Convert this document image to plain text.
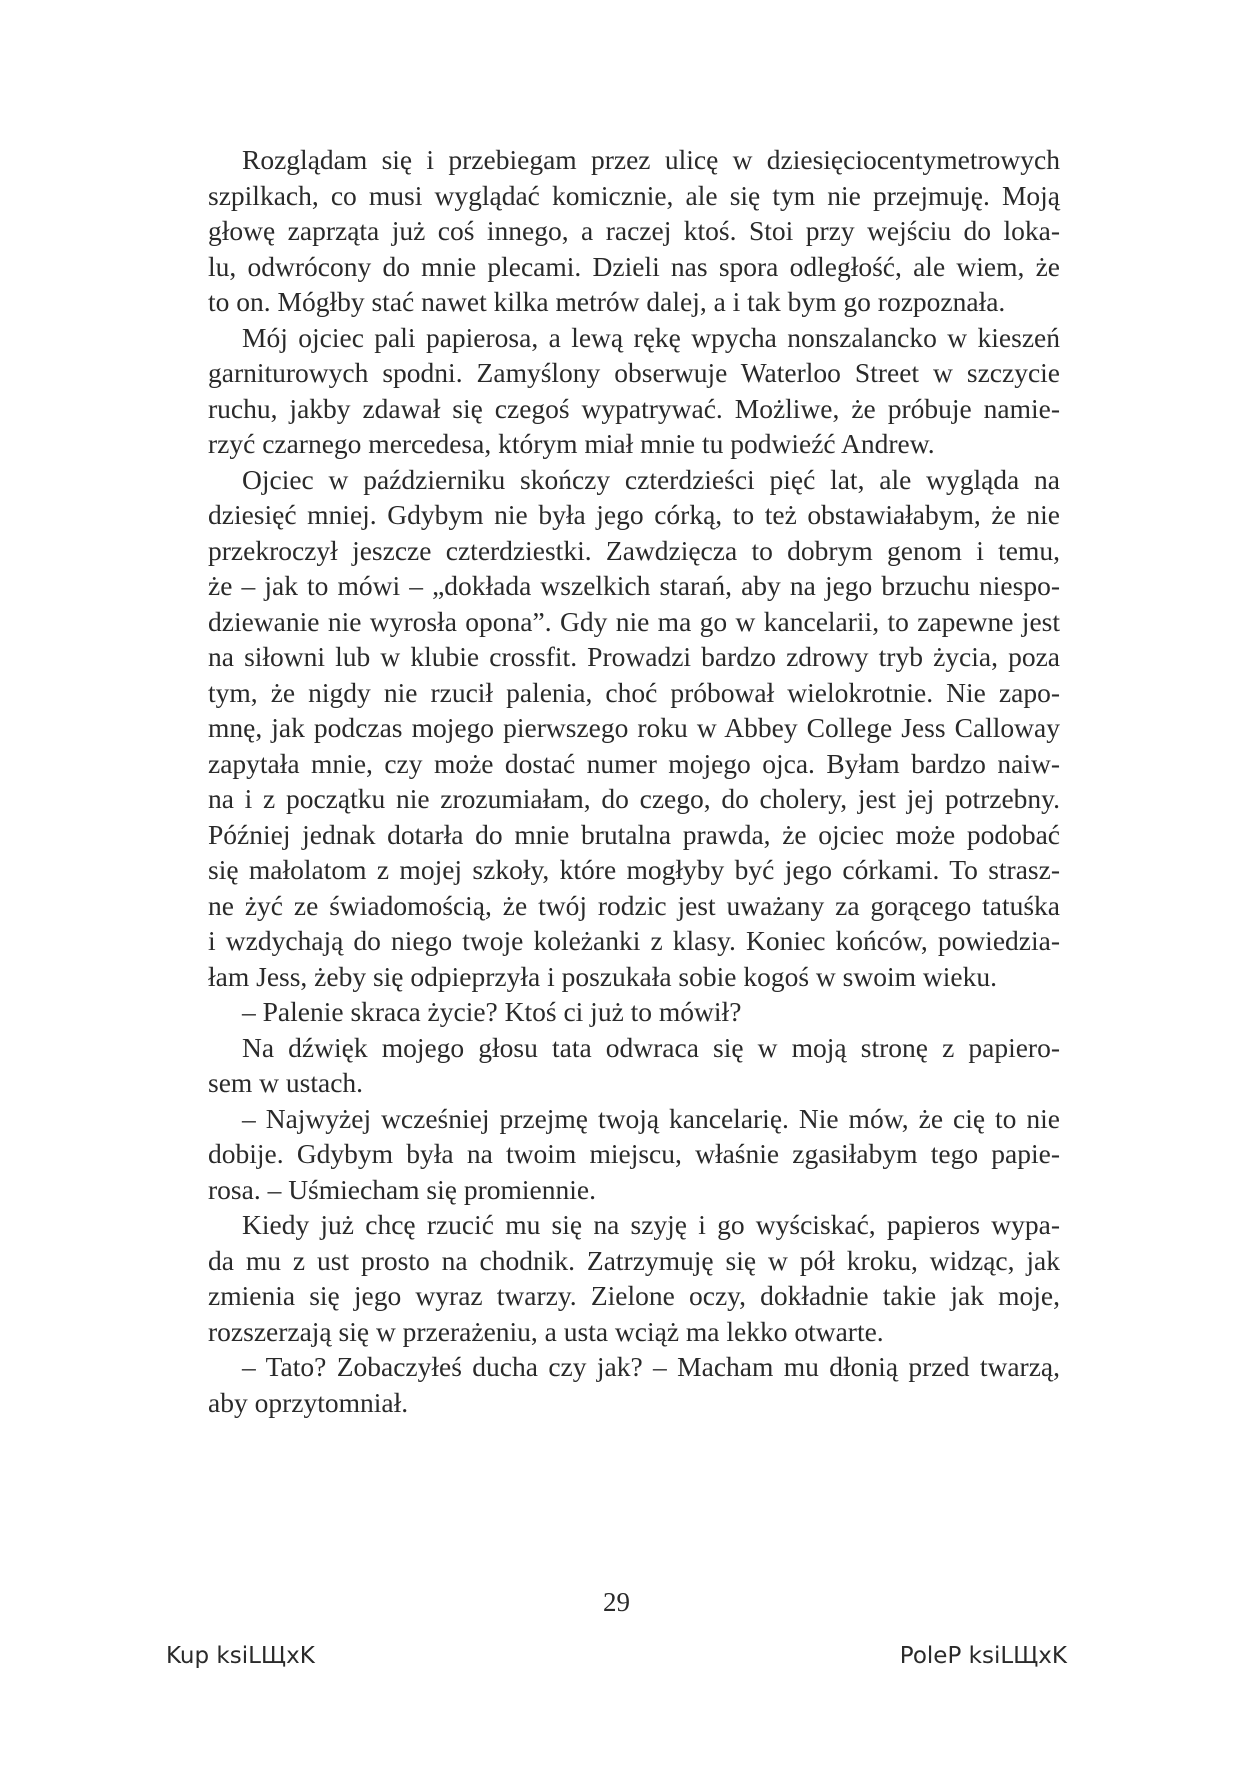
Rozglądam się i przebiegam przez ulicę w dziesięciocentymetrowych
szpilkach, co musi wyglądać komicznie, ale się tym nie przejmuję. Moją
głowę zaprząta już coś innego, a raczej ktoś. Stoi przy wejściu do loka-
lu, odwrócony do mnie plecami. Dzieli nas spora odległość, ale wiem, że
to on. Mógłby stać nawet kilka metrów dalej, a i tak bym go rozpoznała.
Mój ojciec pali papierosa, a lewą rękę wpycha nonszalancko w kieszeń
garniturowych spodni. Zamyślony obserwuje Waterloo Street w szczycie
ruchu, jakby zdawał się czegoś wypatrywać. Możliwe, że próbuje namie-
rzyć czarnego mercedesa, którym miał mnie tu podwieźć Andrew.
Ojciec w październiku skończy czterdzieści pięć lat, ale wygląda na
dziesięć mniej. Gdybym nie była jego córką, to też obstawiałabym, że nie
przekroczył jeszcze czterdziestki. Zawdzięcza to dobrym genom i temu,
że – jak to mówi – „dokłada wszelkich starań, aby na jego brzuchu niespo-
dziewanie nie wyrosła opona”. Gdy nie ma go w kancelarii, to zapewne jest
na siłowni lub w klubie crossfit. Prowadzi bardzo zdrowy tryb życia, poza
tym, że nigdy nie rzucił palenia, choć próbował wielokrotnie. Nie zapo-
mnę, jak podczas mojego pierwszego roku w Abbey College Jess Calloway
zapytała mnie, czy może dostać numer mojego ojca. Byłam bardzo naiw-
na i z początku nie zrozumiałam, do czego, do cholery, jest jej potrzebny.
Później jednak dotarła do mnie brutalna prawda, że ojciec może podobać
się małolatom z mojej szkoły, które mogłyby być jego córkami. To strasz-
ne żyć ze świadomością, że twój rodzic jest uważany za gorącego tatuśka
i wzdychają do niego twoje koleżanki z klasy. Koniec końców, powiedzia-
łam Jess, żeby się odpieprzyła i poszukała sobie kogoś w swoim wieku.
– Palenie skraca życie? Ktoś ci już to mówił?
Na dźwięk mojego głosu tata odwraca się w moją stronę z papiero-
sem w ustach.
– Najwyżej wcześniej przejmę twoją kancelarię. Nie mów, że cię to nie
dobije. Gdybym była na twoim miejscu, właśnie zgasiłabym tego papie-
rosa. – Uśmiecham się promiennie.
Kiedy już chcę rzucić mu się na szyję i go wyściskać, papieros wypa-
da mu z ust prosto na chodnik. Zatrzymuję się w pół kroku, widząc, jak
zmienia się jego wyraz twarzy. Zielone oczy, dokładnie takie jak moje,
rozszerzają się w przerażeniu, a usta wciąż ma lekko otwarte.
– Tato? Zobaczyłeś ducha czy jak? – Macham mu dłonią przed twarzą,
aby oprzytomniał.
29
Kup ksiLЩxK	PoleP ksiLЩxK
